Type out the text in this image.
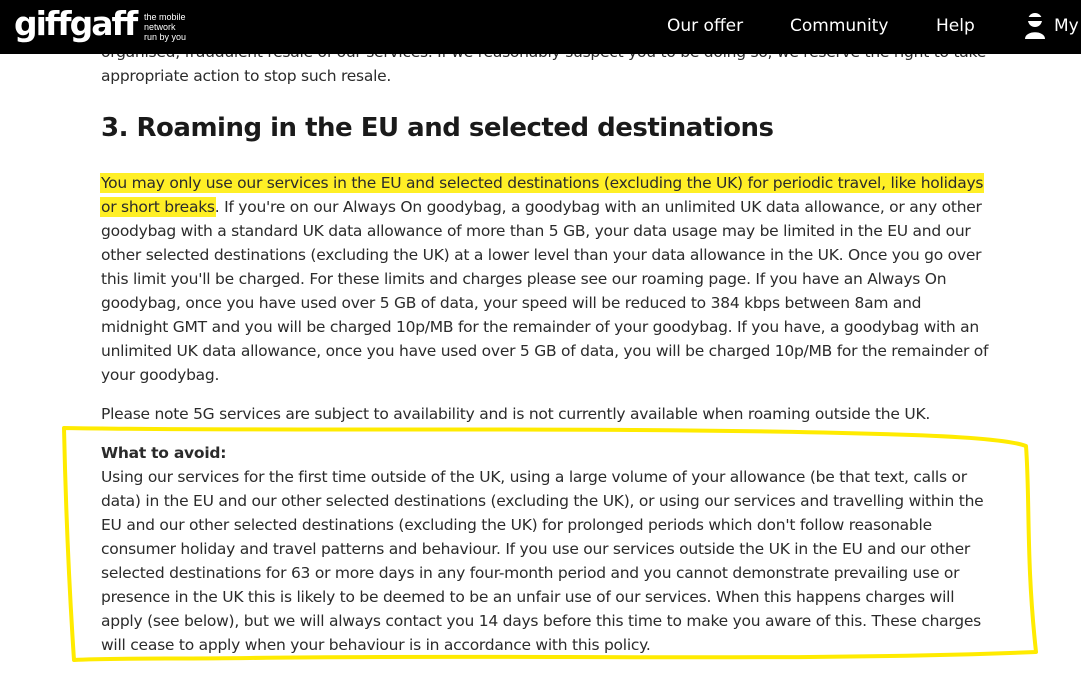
giffgaff the mobile
network
run by you
Our offer	Community	Help	My
appropriate action to stop such resale.
3. Roaming in the EU and selected destinations
You may only use our services in the EU and selected destinations (excluding the UK) for periodic travel, like holidays
or short breaks. If you're on our Always On goodybag, a goodybag with an unlimited UK data allowance, or any other
goodybag with a standard UK data allowance of more than 5 GB, your data usage may be limited in the EU and our
other selected destinations (excluding the UK) at a lower level than your data allowance in the UK. Once you go over
this limit you'll be charged. For these limits and charges please see our roaming page. If you have an Always On
goodybag, once you have used over 5 GB of data, your speed will be reduced to 384 kbps between 8am and
midnight GMT and you will be charged 10p/MB for the remainder of your goodybag. If you have, a goodybag with an
unlimited UK data allowance, once you have used over 5 GB of data, you will be charged 10p/MB for the remainder of
your goodybag.
Please note 5G services are subject to availability and is not currently available when roaming outside the UK.
What to avoid:
Using our services for the first time outside of the UK, using a large volume of your allowance (be that text, calls or
data) in the EU and our other selected destinations (excluding the UK), or using our services and travelling within the
EU and our other selected destinations (excluding the UK) for prolonged periods which don't follow reasonable
consumer holiday and travel patterns and behaviour. If you use our services outside the UK in the EU and our other
selected destinations for 63 or more days in any four-month period and you cannot demonstrate prevailing use or
presence in the UK this is likely to be deemed to be an unfair use of our services. When this happens charges will
apply (see below), but we will always contact you 14 days before this time to make you aware of this. These charges
will cease to apply when your behaviour is in accordance with this policy.
